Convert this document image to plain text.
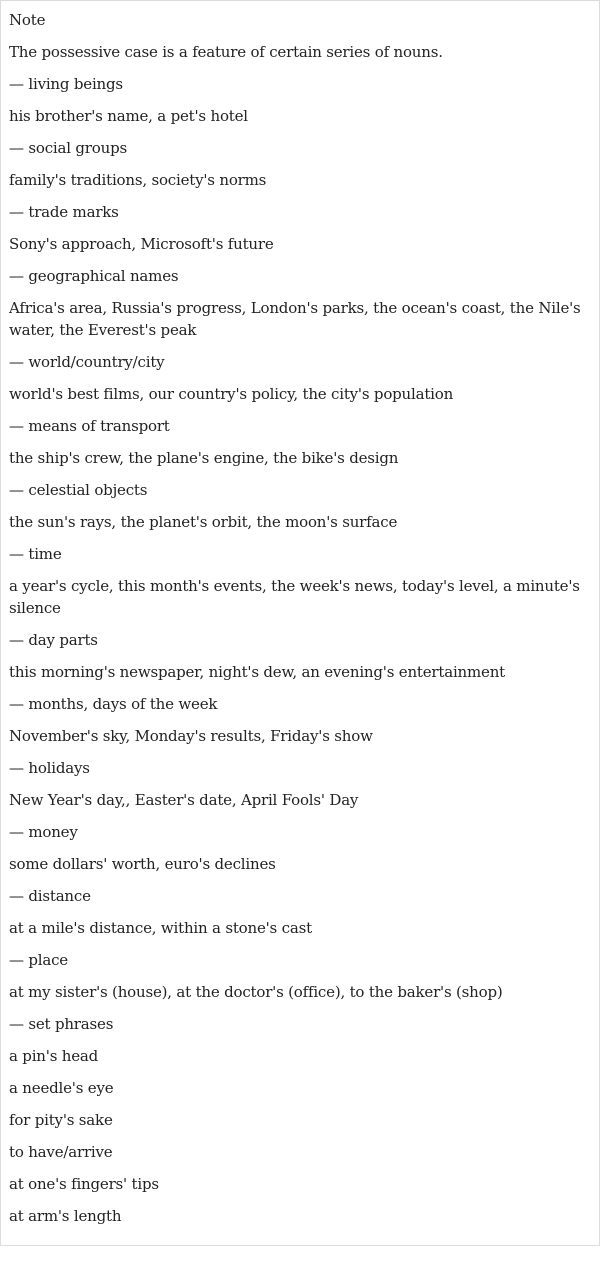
Note

The possessive case is a feature of certain series of nouns.

— living beings

his brother's name, a pet's hotel

— social groups

family's traditions, society's norms

— trade marks

Sony's approach, Microsoft's future

— geographical names

Africa's area, Russia's progress, London's parks, the ocean's coast, the Nile's water, the Everest's peak

— world/country/city

world's best films, our country's policy, the city's population

— means of transport

the ship's crew, the plane's engine, the bike's design

— celestial objects

the sun's rays, the planet's orbit, the moon's surface

— time

a year's cycle, this month's events, the week's news, today's level, a minute's silence

— day parts

this morning's newspaper, night's dew, an evening's entertainment

— months, days of the week

November's sky, Monday's results, Friday's show

— holidays

New Year's day,, Easter's date, April Fools' Day

— money

some dollars' worth, euro's declines

— distance

at a mile's distance, within a stone's cast

— place

at my sister's (house), at the doctor's (office), to the baker's (shop)

— set phrases

a pin's head

a needle's eye

for pity's sake

to have/arrive

at one's fingers' tips

at arm's length
